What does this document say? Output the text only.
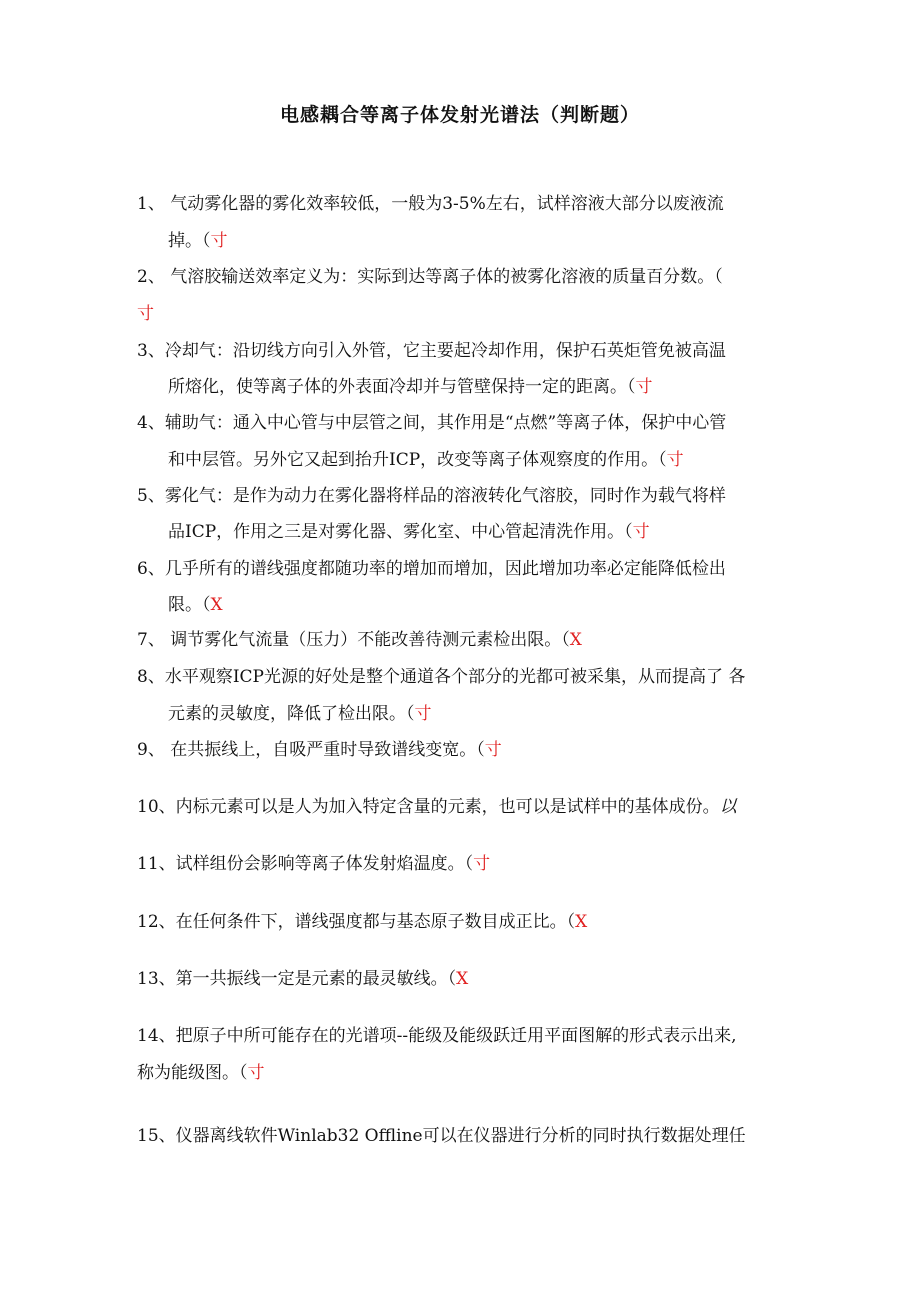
电感耦合等离子体发射光谱法（判断题）
1、 气动雾化器的雾化效率较低，一般为3-5%左右，试样溶液大部分以废液流
掉。（寸
2、 气溶胶输送效率定义为：实际到达等离子体的被雾化溶液的质量百分数。（
寸
3、冷却气：沿切线方向引入外管，它主要起冷却作用，保护石英炬管免被高温
所熔化，使等离子体的外表面冷却并与管壁保持一定的距离。（寸
4、辅助气：通入中心管与中层管之间，其作用是“点燃”等离子体，保护中心管
和中层管。另外它又起到抬升ICP，改变等离子体观察度的作用。（寸
5、雾化气：是作为动力在雾化器将样品的溶液转化气溶胶，同时作为载气将样
品ICP，作用之三是对雾化器、雾化室、中心管起清洗作用。（寸
6、几乎所有的谱线强度都随功率的增加而增加，因此增加功率必定能降低检出
限。（X
7、 调节雾化气流量（压力）不能改善待测元素检出限。（X
8、水平观察ICP光源的好处是整个通道各个部分的光都可被采集，从而提高了 各
元素的灵敏度，降低了检出限。（寸
9、 在共振线上，自吸严重时导致谱线变宽。（寸
10、内标元素可以是人为加入特定含量的元素，也可以是试样中的基体成份。以
11、试样组份会影响等离子体发射焰温度。（寸
12、在任何条件下，谱线强度都与基态原子数目成正比。（X
13、第一共振线一定是元素的最灵敏线。（X
14、把原子中所可能存在的光谱项--能级及能级跃迁用平面图解的形式表示出来,
称为能级图。（寸
15、仪器离线软件Winlab32 Offline可以在仪器进行分析的同时执行数据处理任
